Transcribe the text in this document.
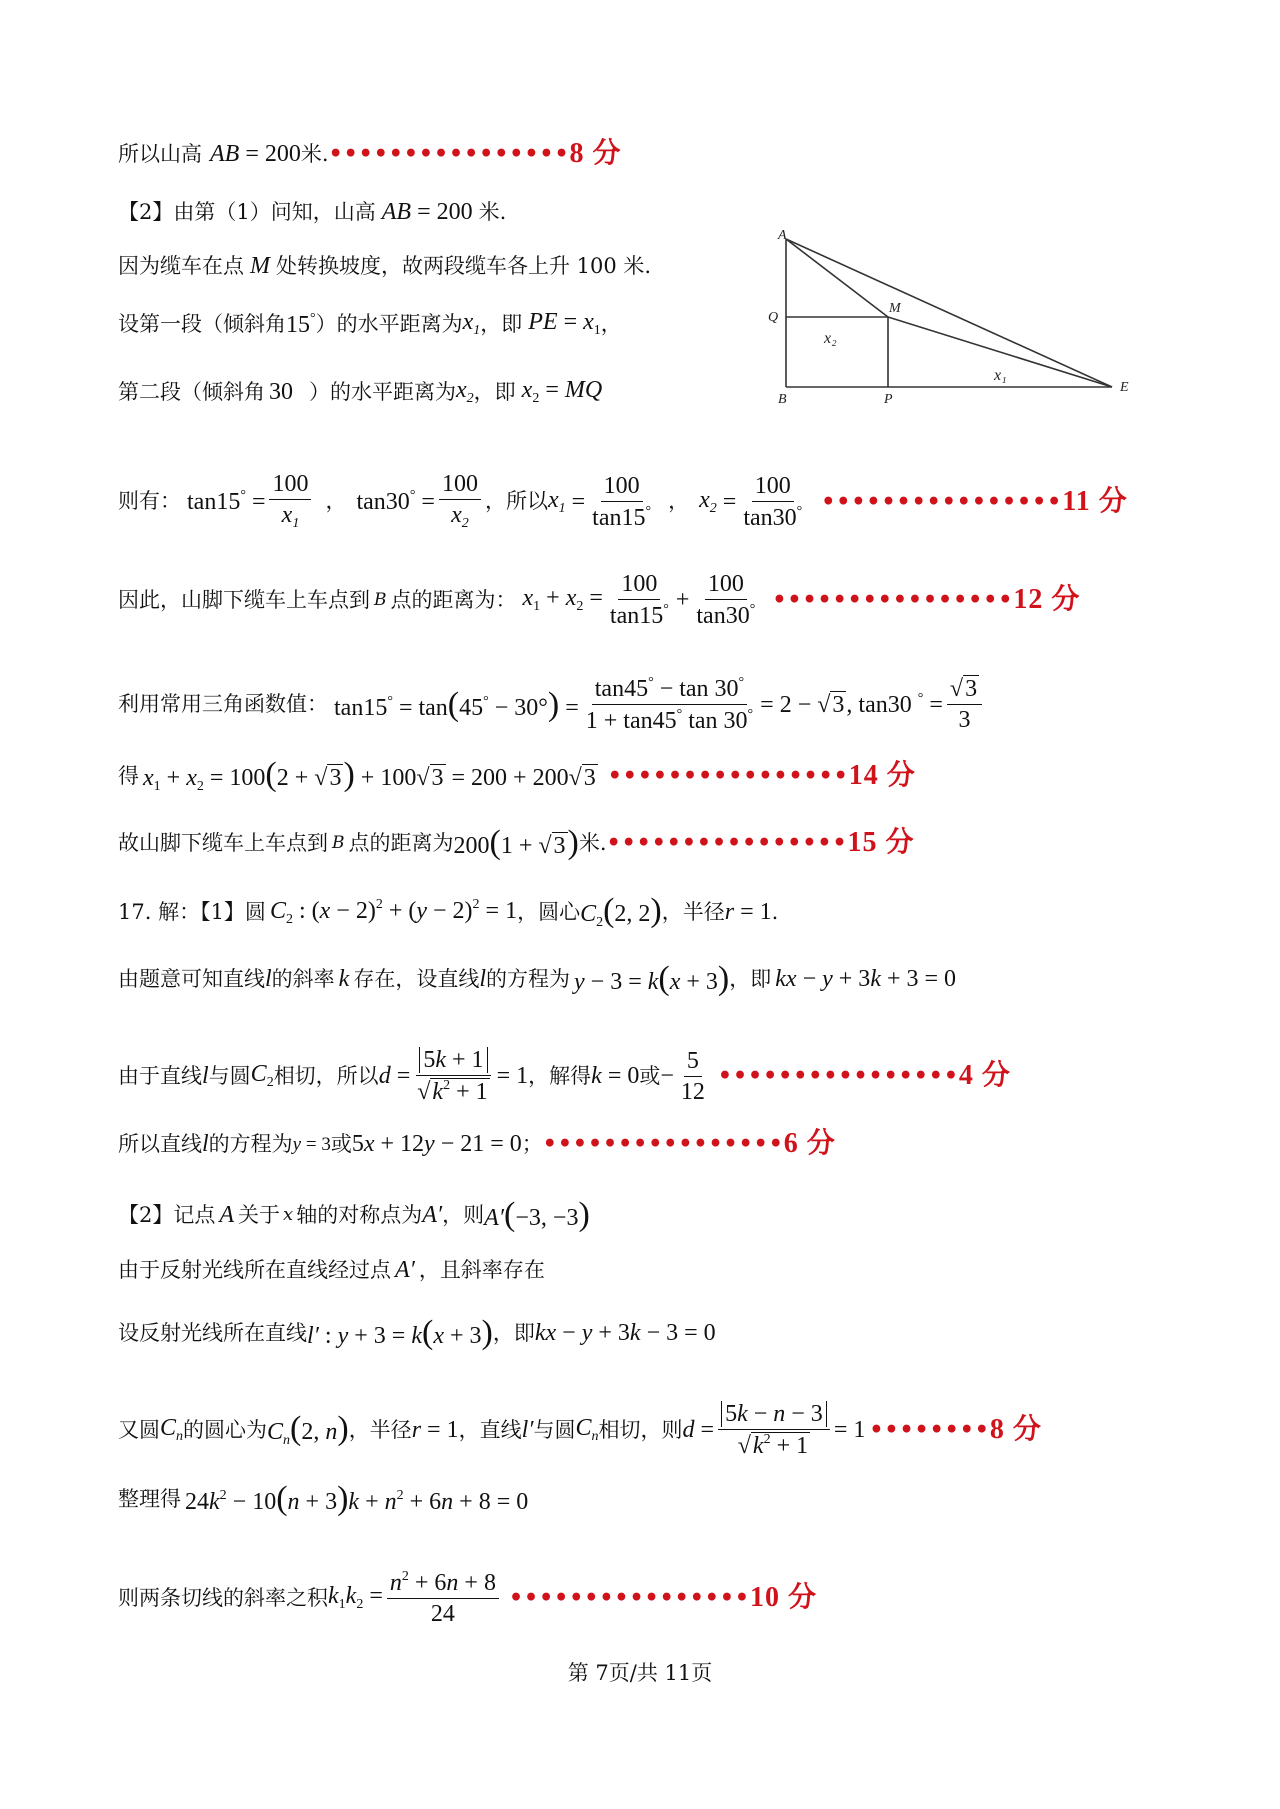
所以山高 AB = 200 米. •••••••••••••••• 8 分
【2】由第（1）问知，山高 AB = 200 米.
因为缆车在点 M 处转换坡度，故两段缆车各上升 100 米.
设第一段（倾斜角 15° ）的水平距离为 $x_1$ ，即 PE = $x_1$ ，
第二段（倾斜角 30 ）的水平距离为 $x_2$ ，即 $x_2$ = MQ
A
Q
M
B	P
E
x₂
x₁
则有： $\tan 15^\circ = \frac{100}{x_1}$ ， $\tan 30^\circ = \frac{100}{x_2}$ ，所以 $x_1 = \frac{100}{\tan 15^\circ}$ ， $x_2 = \frac{100}{\tan 30^\circ}$ •••••••••••••••• 11 分
因此，山脚下缆车上车点到 B 点的距离为： $x_1 + x_2 = \frac{100}{\tan 15^\circ} + \frac{100}{\tan 30^\circ}$ •••••••••••••••• 12 分
利用常用三角函数值： $\tan 15^\circ = \tan(45^\circ - 30^\circ) = \frac{\tan 45^\circ - \tan 30^\circ}{1 + \tan 45^\circ \tan 30^\circ} = 2 - √3$, tan30 $^\circ = \frac{√3}{3}$
得 $x_1 + x_2 = 100(2 + √3) + 100√3 = 200 + 200√3$ •••••••••••••••• 14 分
故山脚下缆车上车点到 B 点的距离为 200(1 + √3) 米. •••••••••••••••• 15 分
17. 解：【1】圆 $C_2$ : $(x - 2)^2 + (y - 2)^2 = 1$ ，圆心 $C_2(2$, 2) ，半径 r = 1 .
由题意可知直线 l 的斜率 k 存在，设直线 l 的方程为 y − 3 = k(x + 3) ，即 kx − y + 3k + 3 = 0
由于直线 l 与圆 $C_2$ 相切，所以 $d = \frac{5k + 1}{√k^2 + 1} = 1$ ，解得 k = 0 或 − $\frac{5}{12}$ •••••••••••••••• 4 分
所以直线 l 的方程为 y = 3 或 5x + 12y − 21 = 0 ； •••••••••••••••• 6 分
【2】记点 A 关于 x 轴的对称点为 A′ ，则 A′(−3, −3)
由于反射光线所在直线经过点 A′ ，且斜率存在
设反射光线所在直线 l′ : y + 3 = k(x + 3) ，即 kx − y + 3k − 3 = 0
又圆 $C_n$ 的圆心为 $C_n(2$, n) ，半径 r = 1 ，直线 l′ 与圆 $C_n$ 相切，则 $d = \frac{5k - n - 3}{√k^2 + 1} = 1$ •••••••• 8 分
整理得 $24k^2 - 10(n + 3)k + n^2 + 6n + 8 = 0$
则两条切线的斜率之积 $k_1k_2 = \frac{n^2 + 6n + 8}{24}$ •••••••••••••••• 10 分
第 7页/共 11页
